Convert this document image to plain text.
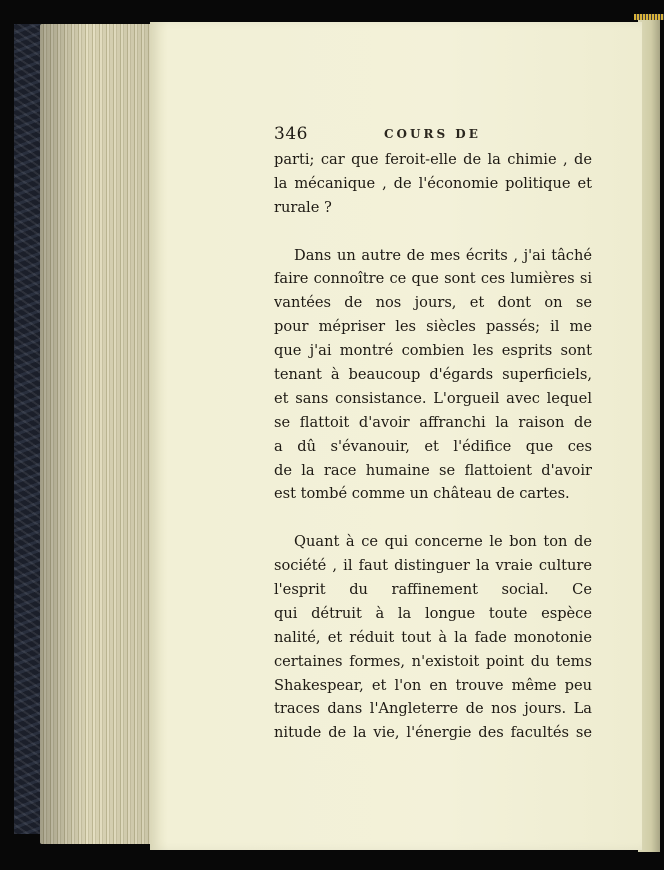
346	COURS DE
parti; car que feroit-elle de la chimie , de
la mécanique , de l'économie politique et
rurale ?
Dans un autre de mes écrits , j'ai tâché
faire connoître ce que sont ces lumières si
vantées de nos jours, et dont on se
pour mépriser les siècles passés; il me
que j'ai montré combien les esprits sont
tenant à beaucoup d'égards superficiels,
et sans consistance. L'orgueil avec lequel
se flattoit d'avoir affranchi la raison de
a dû s'évanouir, et l'édifice que ces
de la race humaine se flattoient d'avoir
est tombé comme un château de cartes.
Quant à ce qui concerne le bon ton de
société , il faut distinguer la vraie culture
l'esprit du raffinement social. Ce
qui détruit à la longue toute espèce
nalité, et réduit tout à la fade monotonie
certaines formes, n'existoit point du tems
Shakespear, et l'on en trouve même peu
traces dans l'Angleterre de nos jours. La
nitude de la vie, l'énergie des facultés se
